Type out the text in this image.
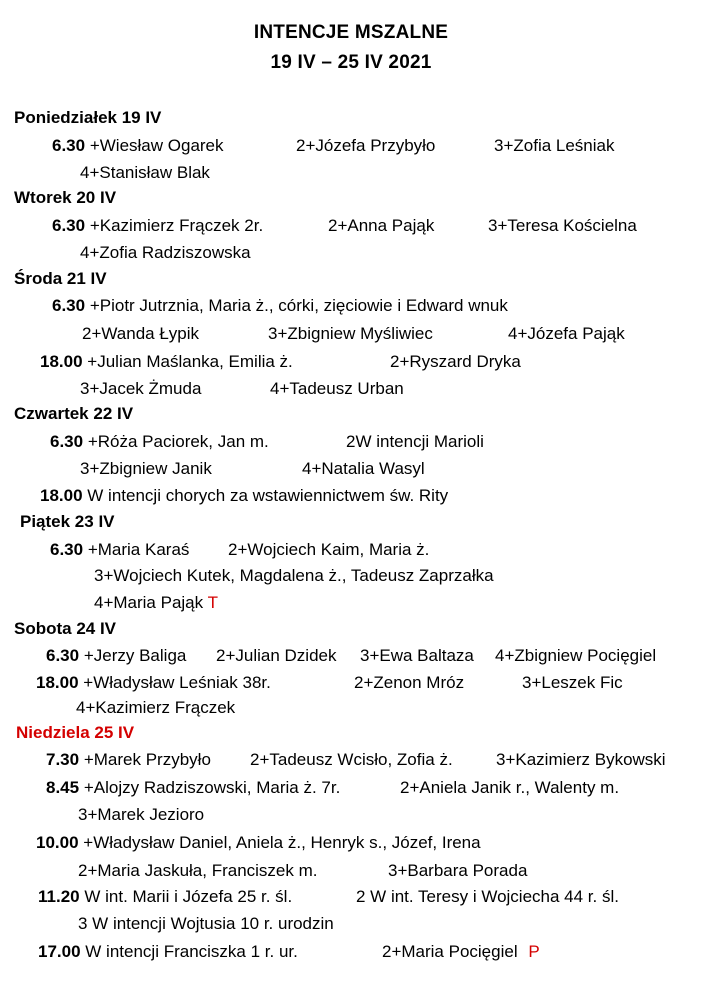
INTENCJE MSZALNE
19 IV – 25 IV 2021
Poniedziałek 19 IV
6.30 +Wiesław Ogarek	2+Józefa Przybyło	3+Zofia Leśniak
4+Stanisław Blak
Wtorek 20 IV
6.30 +Kazimierz Frączek 2r.	2+Anna Pająk	3+Teresa Kościelna
4+Zofia Radziszowska
Środa 21 IV
6.30 +Piotr Jutrznia, Maria ż., córki, zięciowie i Edward wnuk
2+Wanda Łypik	3+Zbigniew Myśliwiec	4+Józefa Pająk
18.00 +Julian Maślanka, Emilia ż.	2+Ryszard Dryka
3+Jacek Żmuda	4+Tadeusz Urban
Czwartek 22 IV
6.30 +Róża Paciorek, Jan m.	2W intencji Marioli
3+Zbigniew Janik	4+Natalia Wasyl
18.00 W intencji chorych za wstawiennictwem św. Rity
Piątek 23 IV
6.30 +Maria Karaś 2+Wojciech Kaim, Maria ż.
3+Wojciech Kutek, Magdalena ż., Tadeusz Zaprzałka
4+Maria Pająk T
Sobota 24 IV
6.30 +Jerzy Baliga 2+Julian Dzidek 3+Ewa Baltaza 4+Zbigniew Pocięgiel
18.00 +Władysław Leśniak 38r.	2+Zenon Mróz	3+Leszek Fic
4+Kazimierz Frączek
Niedziela 25 IV
7.30 +Marek Przybyło 2+Tadeusz Wcisło, Zofia ż.	3+Kazimierz Bykowski
8.45 +Alojzy Radziszowski, Maria ż. 7r.	2+Aniela Janik r., Walenty m.
3+Marek Jezioro
10.00 +Władysław Daniel, Aniela ż., Henryk s., Józef, Irena
2+Maria Jaskuła, Franciszek m.	3+Barbara Porada
11.20 W int. Marii i Józefa 25 r. śl.	2 W int. Teresy i Wojciecha 44 r. śl.
3 W intencji Wojtusia 10 r. urodzin
17.00 W intencji Franciszka 1 r. ur.	2+Maria Pocięgiel P
